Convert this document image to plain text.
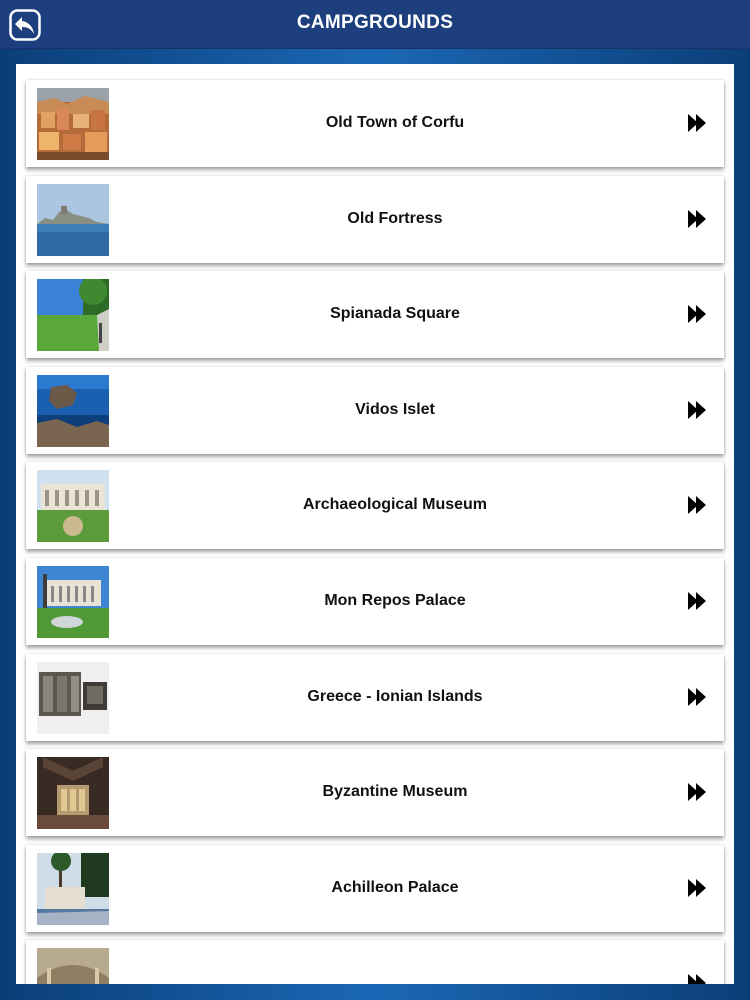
CAMPGROUNDS
Old Town of Corfu
Old Fortress
Spianada Square
Vidos Islet
Archaeological Museum
Mon Repos Palace
Greece - Ionian Islands
Byzantine Museum
Achilleon Palace
